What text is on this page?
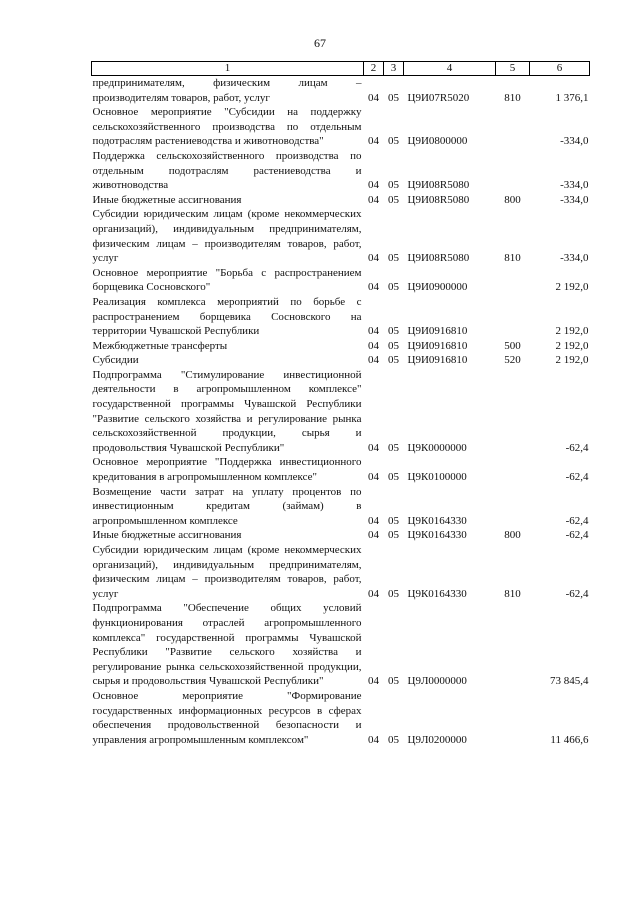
67
1	2	3	4	5	6
предпринимателям, физическим лицам – производителям товаров, работ, услуг	04	05	Ц9И07R5020	810	1 376,1
Основное мероприятие "Субсидии на поддержку сельскохозяйственного производства по отдельным подотраслям растениеводства и животноводства"	04	05	Ц9И0800000		-334,0
Поддержка сельскохозяйственного производства по отдельным подотраслям растениеводства и животноводства	04	05	Ц9И08R5080		-334,0
Иные бюджетные ассигнования	04	05	Ц9И08R5080	800	-334,0
Субсидии юридическим лицам (кроме некоммерческих организаций), индивидуальным предпринимателям, физическим лицам – производителям товаров, работ, услуг	04	05	Ц9И08R5080	810	-334,0
Основное мероприятие "Борьба с распространением борщевика Сосновского"	04	05	Ц9И0900000		2 192,0
Реализация комплекса мероприятий по борьбе с распространением борщевика Сосновского на территории Чувашской Республики	04	05	Ц9И0916810		2 192,0
Межбюджетные трансферты	04	05	Ц9И0916810	500	2 192,0
Субсидии	04	05	Ц9И0916810	520	2 192,0
Подпрограмма "Стимулирование инвестиционной деятельности в агропромышленном комплексе" государственной программы Чувашской Республики "Развитие сельского хозяйства и регулирование рынка сельскохозяйственной продукции, сырья и продовольствия Чувашской Республики"	04	05	Ц9К0000000		-62,4
Основное мероприятие "Поддержка инвестиционного кредитования в агропромышленном комплексе"	04	05	Ц9К0100000		-62,4
Возмещение части затрат на уплату процентов по инвестиционным кредитам (займам) в агропромышленном комплексе	04	05	Ц9К0164330		-62,4
Иные бюджетные ассигнования	04	05	Ц9К0164330	800	-62,4
Субсидии юридическим лицам (кроме некоммерческих организаций), индивидуальным предпринимателям, физическим лицам – производителям товаров, работ, услуг	04	05	Ц9К0164330	810	-62,4
Подпрограмма "Обеспечение общих условий функционирования отраслей агропромышленного комплекса" государственной программы Чувашской Республики "Развитие сельского хозяйства и регулирование рынка сельскохозяйственной продукции, сырья и продовольствия Чувашской Республики"	04	05	Ц9Л0000000		73 845,4
Основное мероприятие "Формирование государственных информационных ресурсов в сферах обеспечения продовольственной безопасности и управления агропромышленным комплексом"	04	05	Ц9Л0200000		11 466,6
